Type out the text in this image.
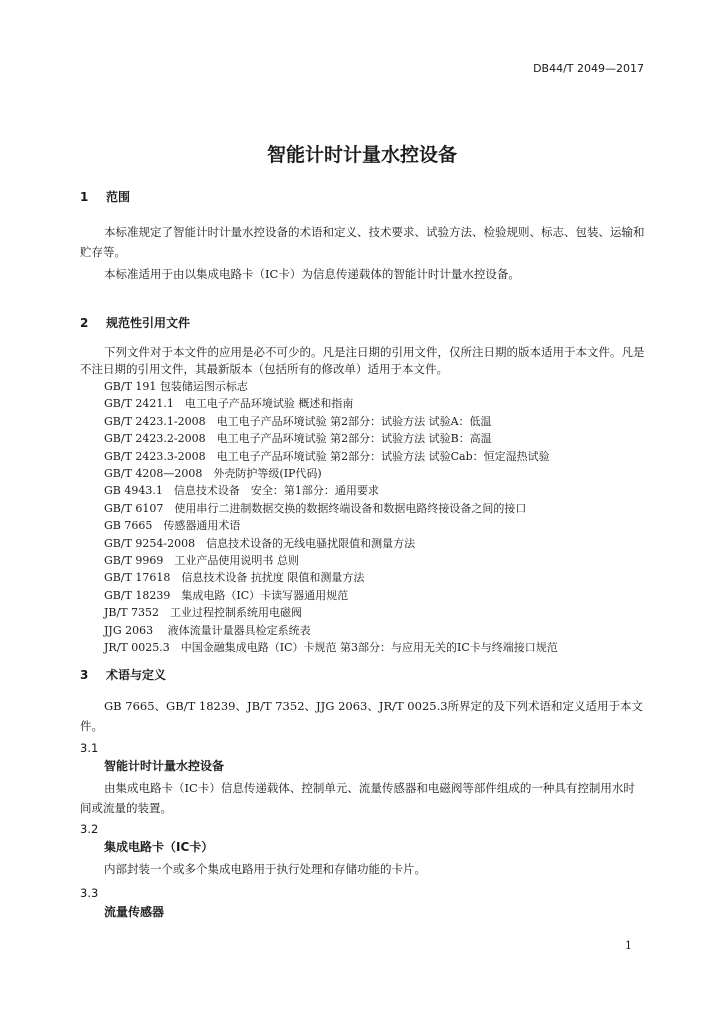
DB44/T 2049—2017
智能计时计量水控设备
1 范围

本标准规定了智能计时计量水控设备的术语和定义、技术要求、试验方法、检验规则、标志、包装、运输和贮存等。

本标准适用于由以集成电路卡（IC卡）为信息传递载体的智能计时计量水控设备。

2 规范性引用文件

下列文件对于本文件的应用是必不可少的。凡是注日期的引用文件，仅所注日期的版本适用于本文件。凡是不注日期的引用文件，其最新版本（包括所有的修改单）适用于本文件。

GB/T 191 包装储运图示标志
GB/T 2421.1　电工电子产品环境试验 概述和指南
GB/T 2423.1-2008　电工电子产品环境试验 第2部分：试验方法 试验A：低温
GB/T 2423.2-2008　电工电子产品环境试验 第2部分：试验方法 试验B：高温
GB/T 2423.3-2008　电工电子产品环境试验 第2部分：试验方法 试验Cab：恒定湿热试验
GB/T 4208—2008　外壳防护等级(IP代码)
GB 4943.1　信息技术设备　安全：第1部分：通用要求
GB/T 6107　使用串行二进制数据交换的数据终端设备和数据电路终接设备之间的接口
GB 7665　传感器通用术语
GB/T 9254-2008　信息技术设备的无线电骚扰限值和测量方法
GB/T 9969　工业产品使用说明书 总则
GB/T 17618　信息技术设备 抗扰度 限值和测量方法
GB/T 18239　集成电路（IC）卡读写器通用规范
JB/T 7352　工业过程控制系统用电磁阀
JJG 2063　 液体流量计量器具检定系统表
JR/T 0025.3　中国金融集成电路（IC）卡规范 第3部分：与应用无关的IC卡与终端接口规范
3 术语与定义

GB 7665、GB/T 18239、JB/T 7352、JJG 2063、JR/T 0025.3所界定的及下列术语和定义适用于本文件。

3.1
智能计时计量水控设备

由集成电路卡（IC卡）信息传递载体、控制单元、流量传感器和电磁阀等部件组成的一种具有控制用水时间或流量的装置。

3.2
集成电路卡（IC卡）

内部封装一个或多个集成电路用于执行处理和存储功能的卡片。

3.3
流量传感器
1
